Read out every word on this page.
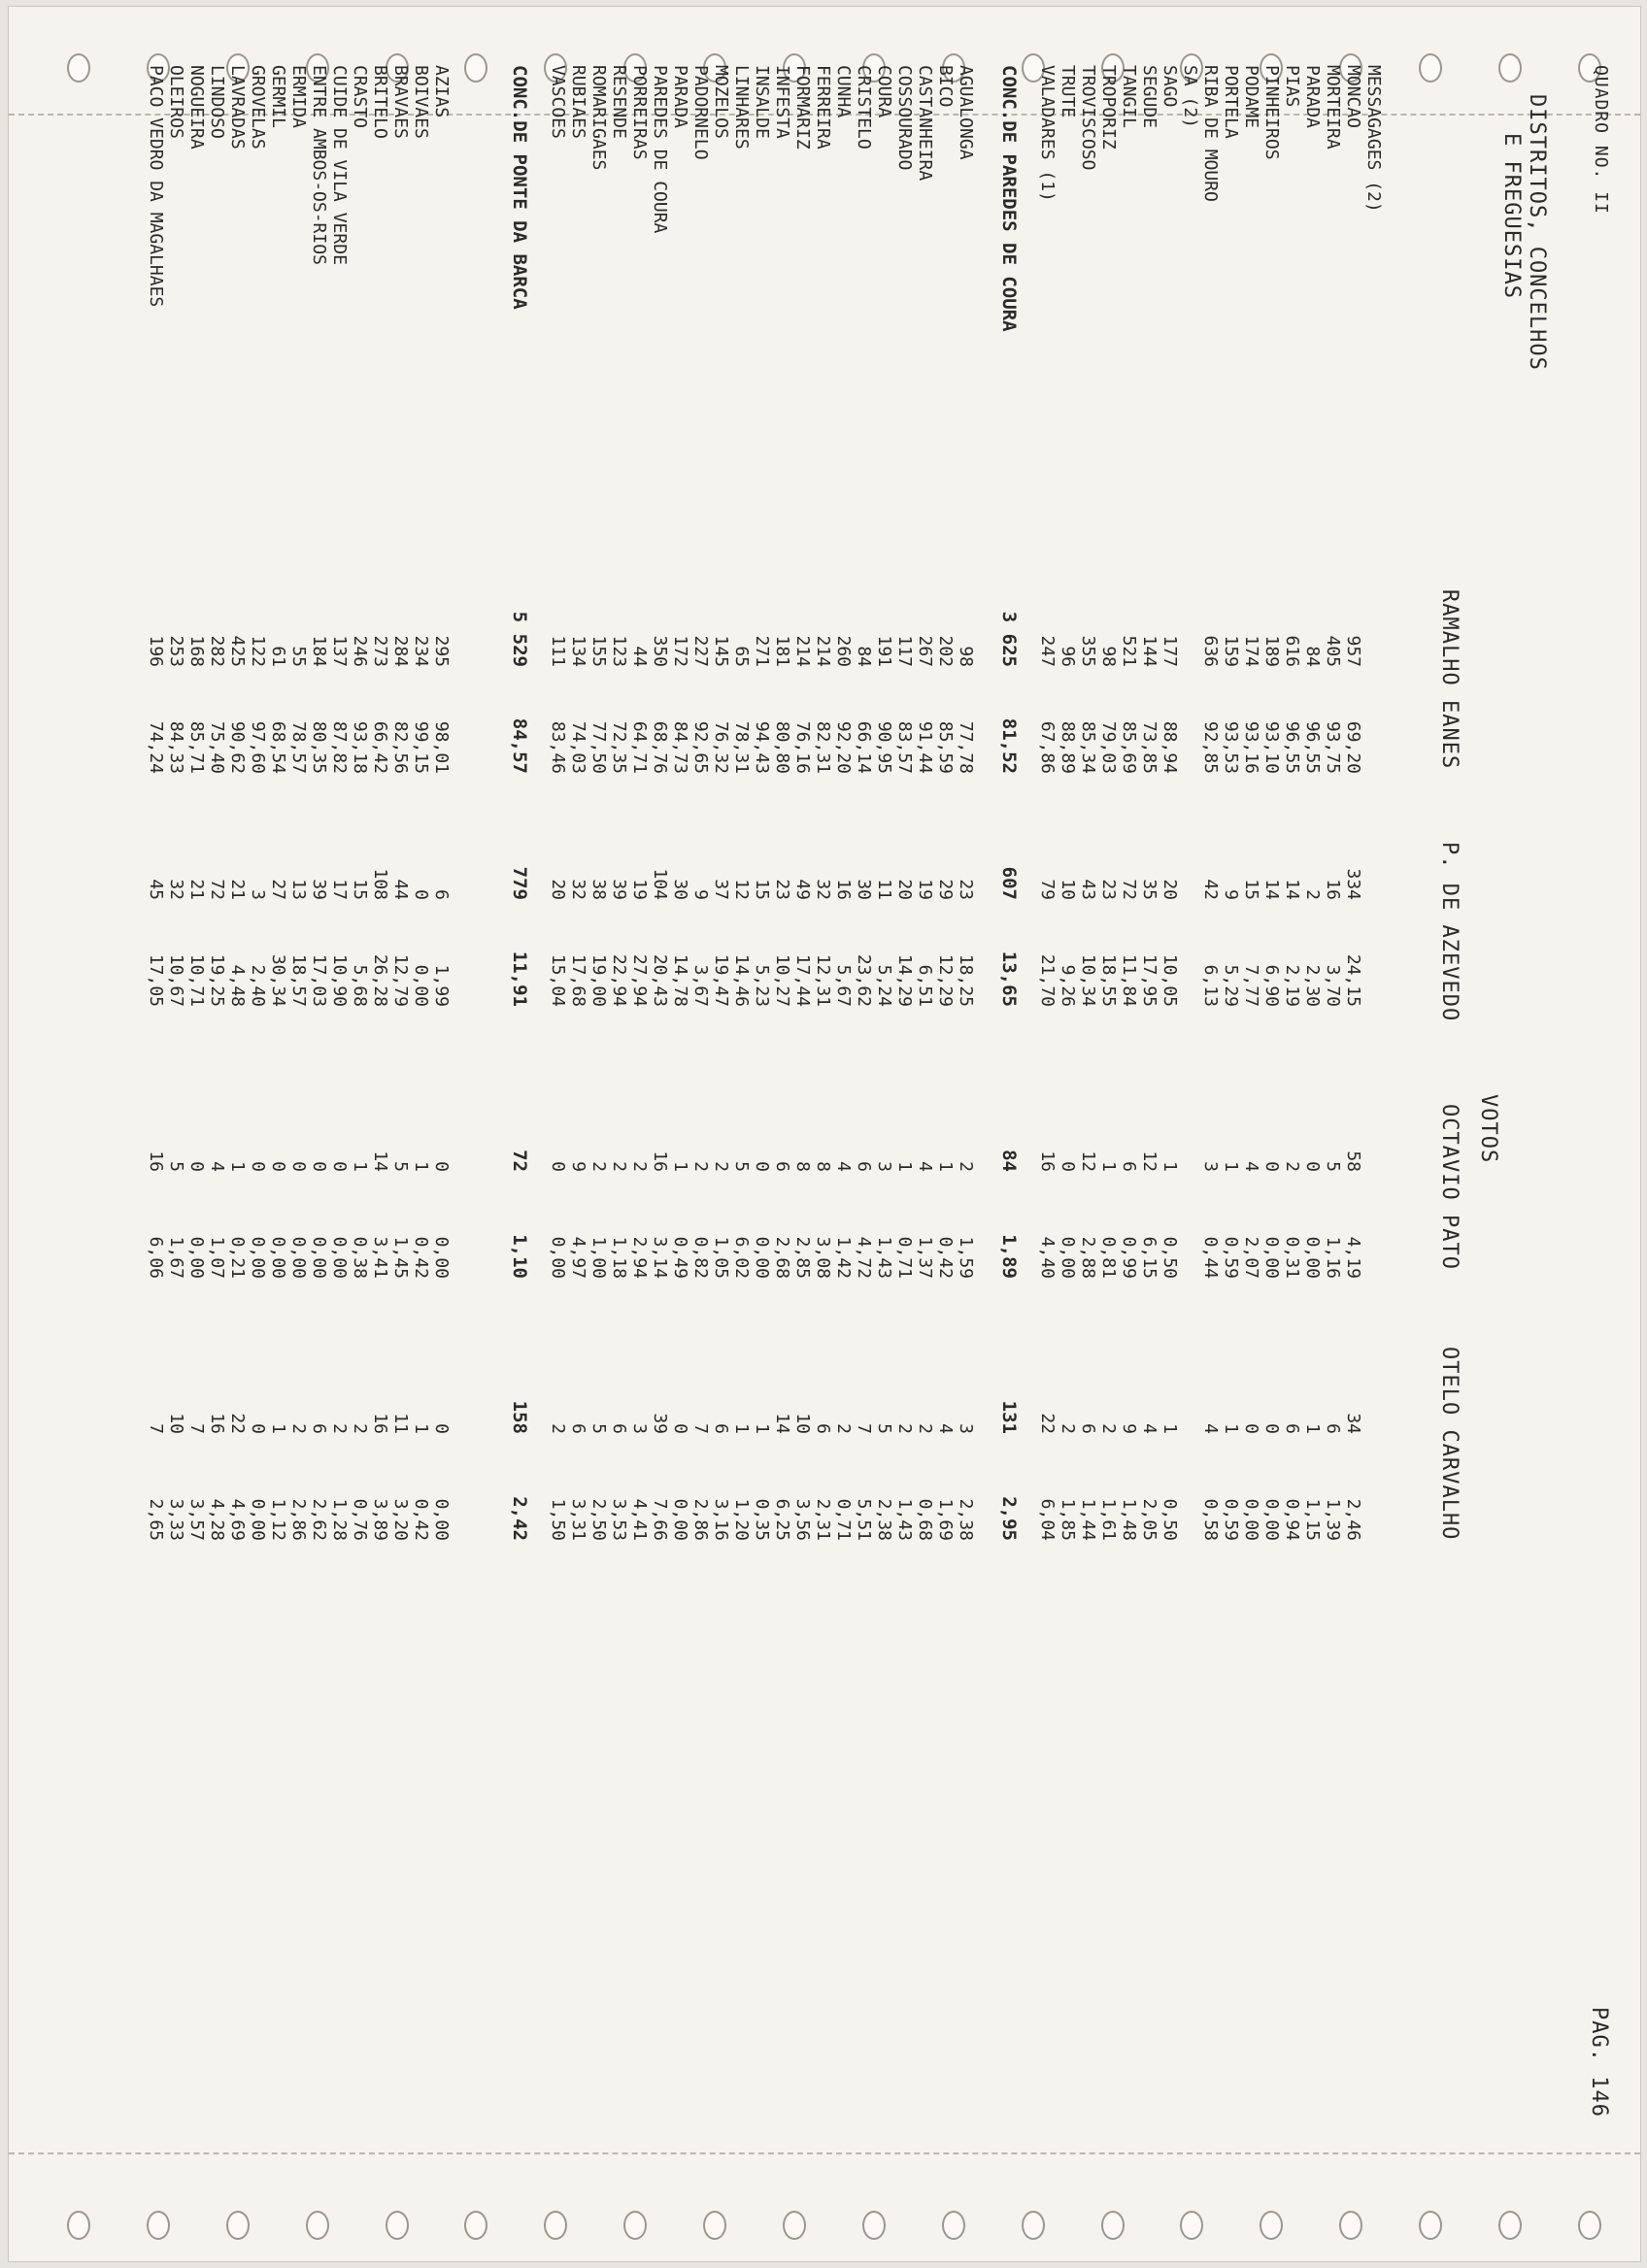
QUADRO NO. II
PAG. 146
DISTRITOS, CONCELHOS
E FREGUESIAS
VOTOS
RAMALHO EANES
P. DE AZEVEDO
OCTAVIO PATO
OTELO CARVALHO
MESSAGAGES (2)
MONCAO
957
69,20
334
24,15
58
4,19
34
2,46
MORTEIRA
405
93,75
16
3,70
5
1,16
6
1,39
PARADA
84
96,55
2
2,30
0
0,00
1
1,15
PIAS
616
96,55
14
2,19
2
0,31
6
0,94
PINHEIROS
189
93,10
14
6,90
0
0,00
0
0,00
PODAME
174
93,16
15
7,77
4
2,07
0
0,00
PORTELA
159
93,53
9
5,29
1
0,59
1
0,59
RIBA DE MOURO
636
92,85
42
6,13
3
0,44
4
0,58
SA (2)
SAGO
177
88,94
20
10,05
1
0,50
1
0,50
SEGUDE
144
73,85
35
17,95
12
6,15
4
2,05
TANGIL
521
85,69
72
11,84
6
0,99
9
1,48
TROPORIZ
98
79,03
23
18,55
1
0,81
2
1,61
TROVISCOSO
355
85,34
43
10,34
12
2,88
6
1,44
TRUTE
96
88,89
10
9,26
0
0,00
2
1,85
VALADARES (1)
247
67,86
79
21,70
16
4,40
22
6,04
CONC.DE PAREDES DE COURA
3 625
81,52
607
13,65
84
1,89
131
2,95
AGUALONGA
98
77,78
23
18,25
2
1,59
3
2,38
BICO
202
85,59
29
12,29
1
0,42
4
1,69
CASTANHEIRA
267
91,44
19
6,51
4
1,37
2
0,68
COSSOURADO
117
83,57
20
14,29
1
0,71
2
1,43
COURA
191
90,95
11
5,24
3
1,43
5
2,38
CRISTELO
84
66,14
30
23,62
6
4,72
7
5,51
CUNHA
260
92,20
16
5,67
4
1,42
2
0,71
FERREIRA
214
82,31
32
12,31
8
3,08
6
2,31
FORMARIZ
214
76,16
49
17,44
8
2,85
10
3,56
INFESTA
181
80,80
23
10,27
6
2,68
14
6,25
INSALDE
271
94,43
15
5,23
0
0,00
1
0,35
LINHARES
65
78,31
12
14,46
5
6,02
1
1,20
MOZELOS
145
76,32
37
19,47
2
1,05
6
3,16
PADORNELO
227
92,65
9
3,67
2
0,82
7
2,86
PARADA
172
84,73
30
14,78
1
0,49
0
0,00
PAREDES DE COURA
350
68,76
104
20,43
16
3,14
39
7,66
PORREIRAS
44
64,71
19
27,94
2
2,94
3
4,41
RESENDE
123
72,35
39
22,94
2
1,18
6
3,53
ROMARIGAES
155
77,50
38
19,00
2
1,00
5
2,50
RUBIAES
134
74,03
32
17,68
9
4,97
6
3,31
VASCOES
111
83,46
20
15,04
0
0,00
2
1,50
CONC.DE PONTE DA BARCA
5 529
84,57
779
11,91
72
1,10
158
2,42
AZIAS
295
98,01
6
1,99
0
0,00
0
0,00
BOIVAES
234
99,15
0
0,00
1
0,42
1
0,42
BRAVAES
284
82,56
44
12,79
5
1,45
11
3,20
BRITELO
273
66,42
108
26,28
14
3,41
16
3,89
CRASTO
246
93,18
15
5,68
1
0,38
2
0,76
CUIDE DE VILA VERDE
137
87,82
17
10,90
0
0,00
2
1,28
ENTRE AMBOS-OS-RIOS
184
80,35
39
17,03
0
0,00
6
2,62
ERMIDA
55
78,57
13
18,57
0
0,00
2
2,86
GERMIL
61
68,54
27
30,34
0
0,00
1
1,12
GROVELAS
122
97,60
3
2,40
0
0,00
0
0,00
LAVRADAS
425
90,62
21
4,48
1
0,21
22
4,69
LINDOSO
282
75,40
72
19,25
4
1,07
16
4,28
NOGUEIRA
168
85,71
21
10,71
0
0,00
7
3,57
OLEIROS
253
84,33
32
10,67
5
1,67
10
3,33
PACO VEDRO DA MAGALHAES
196
74,24
45
17,05
16
6,06
7
2,65
